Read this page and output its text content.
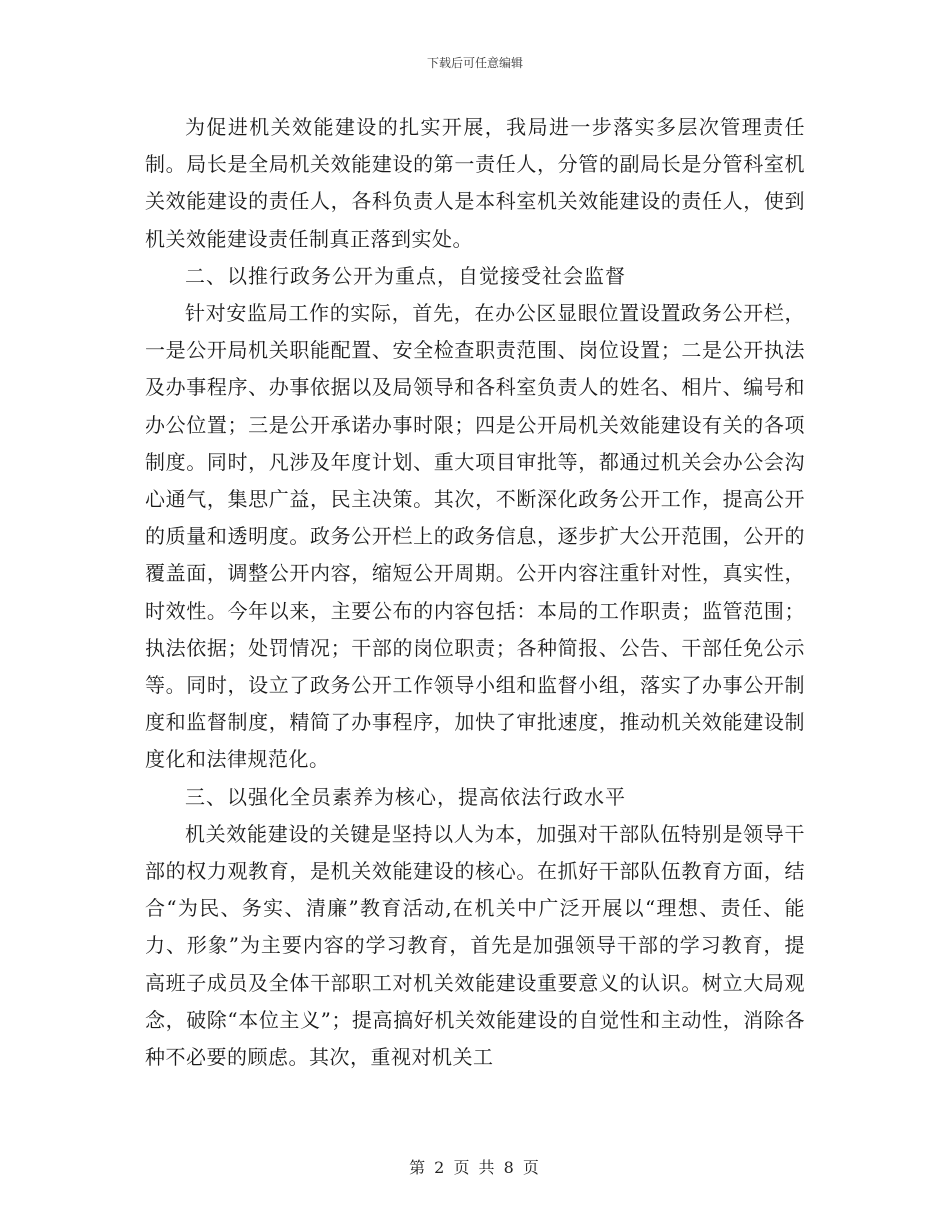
下载后可任意编辑

为促进机关效能建设的扎实开展，我局进一步落实多层次管理责任制。局长是全局机关效能建设的第一责任人，分管的副局长是分管科室机关效能建设的责任人，各科负责人是本科室机关效能建设的责任人，使到机关效能建设责任制真正落到实处。

二、以推行政务公开为重点，自觉接受社会监督

针对安监局工作的实际，首先，在办公区显眼位置设置政务公开栏，一是公开局机关职能配置、安全检查职责范围、岗位设置；二是公开执法及办事程序、办事依据以及局领导和各科室负责人的姓名、相片、编号和办公位置；三是公开承诺办事时限；四是公开局机关效能建设有关的各项制度。同时，凡涉及年度计划、重大项目审批等，都通过机关会办公会沟心通气，集思广益，民主决策。其次，不断深化政务公开工作，提高公开的质量和透明度。政务公开栏上的政务信息，逐步扩大公开范围，公开的覆盖面，调整公开内容，缩短公开周期。公开内容注重针对性，真实性，时效性。今年以来，主要公布的内容包括：本局的工作职责；监管范围；执法依据；处罚情况；干部的岗位职责；各种简报、公告、干部任免公示等。同时，设立了政务公开工作领导小组和监督小组，落实了办事公开制度和监督制度，精简了办事程序，加快了审批速度，推动机关效能建设制度化和法律规范化。

三、以强化全员素养为核心，提高依法行政水平

机关效能建设的关键是坚持以人为本，加强对干部队伍特别是领导干部的权力观教育，是机关效能建设的核心。在抓好干部队伍教育方面，结合“为民、务实、清廉”教育活动,在机关中广泛开展以“理想、责任、能力、形象”为主要内容的学习教育，首先是加强领导干部的学习教育，提高班子成员及全体干部职工对机关效能建设重要意义的认识。树立大局观念，破除“本位主义”；提高搞好机关效能建设的自觉性和主动性，消除各种不必要的顾虑。其次，重视对机关工

第 2 页 共 8 页
